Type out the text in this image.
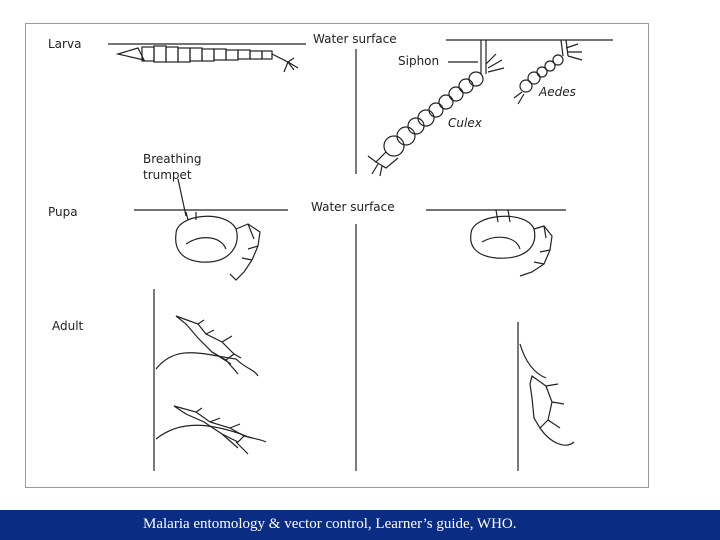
Larva	Water surface
Siphon
Aedes
Culex
Breathing trumpet
Pupa	Water surface
Adult
Malaria entomology & vector control, Learner’s guide, WHO.
